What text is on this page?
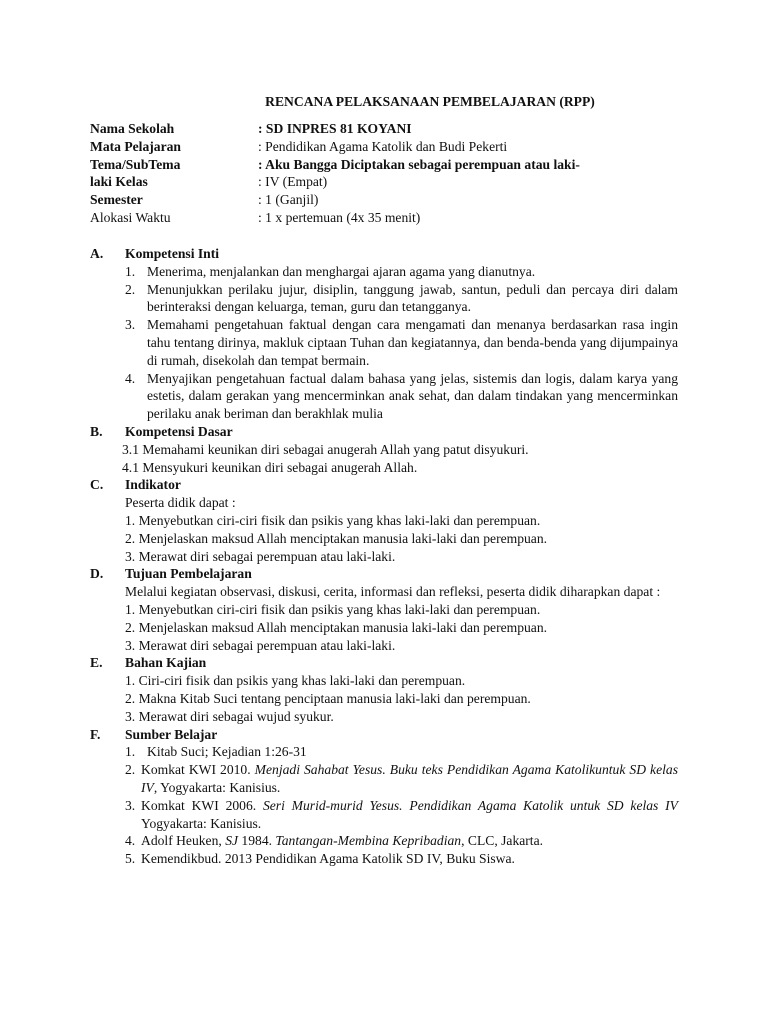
RENCANA PELAKSANAAN PEMBELAJARAN (RPP)
Nama Sekolah	: SD INPRES 81 KOYANI
Mata Pelajaran	: Pendidikan Agama Katolik dan Budi Pekerti
Tema/SubTema	: Aku Bangga Diciptakan sebagai perempuan atau laki-
laki Kelas	: IV (Empat)
Semester	: 1 (Ganjil)
Alokasi Waktu	: 1 x pertemuan (4x 35 menit)
A. Kompetensi Inti
1. Menerima, menjalankan dan menghargai ajaran agama yang dianutnya.
2. Menunjukkan perilaku jujur, disiplin, tanggung jawab, santun, peduli dan percaya diri dalam berinteraksi dengan keluarga, teman, guru dan tetangganya.
3. Memahami pengetahuan faktual dengan cara mengamati dan menanya berdasarkan rasa ingin tahu tentang dirinya, makluk ciptaan Tuhan dan kegiatannya, dan benda-benda yang dijumpainya di rumah, disekolah dan tempat bermain.
4. Menyajikan pengetahuan factual dalam bahasa yang jelas, sistemis dan logis, dalam karya yang estetis, dalam gerakan yang mencerminkan anak sehat, dan dalam tindakan yang mencerminkan perilaku anak beriman dan berakhlak mulia
B. Kompetensi Dasar
3.1 Memahami keunikan diri sebagai anugerah Allah yang patut disyukuri.
4.1 Mensyukuri keunikan diri sebagai anugerah Allah.
C. Indikator
Peserta didik dapat :
1. Menyebutkan ciri-ciri fisik dan psikis yang khas laki-laki dan perempuan.
2. Menjelaskan maksud Allah menciptakan manusia laki-laki dan perempuan.
3. Merawat diri sebagai perempuan atau laki-laki.
D. Tujuan Pembelajaran
Melalui kegiatan observasi, diskusi, cerita, informasi dan refleksi, peserta didik diharapkan dapat :
1. Menyebutkan ciri-ciri fisik dan psikis yang khas laki-laki dan perempuan.
2. Menjelaskan maksud Allah menciptakan manusia laki-laki dan perempuan.
3. Merawat diri sebagai perempuan atau laki-laki.
E. Bahan Kajian
1. Ciri-ciri fisik dan psikis yang khas laki-laki dan perempuan.
2. Makna Kitab Suci tentang penciptaan manusia laki-laki dan perempuan.
3. Merawat diri sebagai wujud syukur.
F. Sumber Belajar
1. Kitab Suci; Kejadian 1:26-31
2. Komkat KWI 2010. Menjadi Sahabat Yesus. Buku teks Pendidikan Agama Katolikuntuk SD kelas IV, Yogyakarta: Kanisius.
3. Komkat KWI 2006. Seri Murid-murid Yesus. Pendidikan Agama Katolik untuk SD kelas IV Yogyakarta: Kanisius.
4. Adolf Heuken, SJ 1984. Tantangan-Membina Kepribadian, CLC, Jakarta.
5. Kemendikbud. 2013 Pendidikan Agama Katolik SD IV, Buku Siswa.
